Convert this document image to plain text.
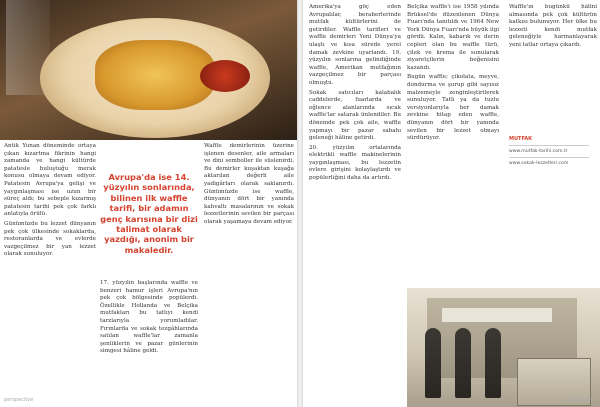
Antik Yunan döneminde ortaya çıkan kızartma fikrinin hangi zamanda ve hangi kültürde patatesle buluştuğu merak konusu olmaya devam ediyor. Patatesin Avrupa'ya gelişi ve yaygınlaşması ise uzun bir süreç aldı; bu sebeple kızarmış patatesin tarihi pek çok farklı anlatıyla örülü.

Günümüzde bu lezzet dünyanın pek çok ülkesinde sokaklarda, restoranlarda ve evlerde vazgeçilmez bir yan lezzet olarak sunuluyor.

Avrupa'da ise 14. yüzyılın sonlarında, bilinen ilk waffle tarifi, bir adamın genç karısına bir dizi talimat olarak yazdığı, anonim bir makaledir.

17. yüzyılın başlarında waffle ve benzeri hamur işleri Avrupa'nın pek çok bölgesinde popülerdi. Özellikle Hollanda ve Belçika mutfakları bu tatlıyı kendi tarzlarıyla yorumladılar. Fırınlarda ve sokak tezgâhlarında satılan waffle'lar zamanla şenliklerin ve pazar günlerinin simgesi hâline geldi.

Waffle demirlerinin üzerine işlenen desenler, aile armaları ve dini semboller ile süslenirdi. Bu demirler kuşaktan kuşağa aktarılan değerli aile yadigârları olarak saklanırdı. Günümüzde ise waffle, dünyanın dört bir yanında kahvaltı masalarının ve sokak lezzetlerinin sevilen bir parçası olarak yaşamaya devam ediyor.

perspective

Amerika'ya göç eden Avrupalılar, beraberlerinde mutfak kültürlerini de getirdiler. Waffle tarifleri ve waffle demirleri Yeni Dünya'ya ulaştı ve kısa sürede yerel damak zevkine uyarlandı. 19. yüzyılın sonlarına gelindiğinde waffle, Amerikan mutfağının vazgeçilmez bir parçası olmuştu.

Sokak satıcıları kalabalık caddelerde, fuarlarda ve eğlence alanlarında sıcak waffle'lar satarak ünlendiler. Bu dönemde pek çok aile, waffle yapmayı bir pazar sabahı geleneği hâline getirdi.

20. yüzyılın ortalarında elektrikli waffle makinelerinin yaygınlaşması, bu lezzetin evlere girişini kolaylaştırdı ve popülerliğini daha da artırdı.

Belçika waffle'ı ise 1958 yılında Brüksel'de düzenlenen Dünya Fuarı'nda tanıtıldı ve 1964 New York Dünya Fuarı'nda büyük ilgi gördü. Kalın, kabarık ve derin cepleri olan bu waffle türü, çilek ve krema ile sunularak ziyaretçilerin beğenisini kazandı.

Bugün waffle; çikolata, meyve, dondurma ve şurup gibi sayısız malzemeyle zenginleştirilerek sunuluyor. Tatlı ya da tuzlu versiyonlarıyla her damak zevkine hitap eden waffle, dünyanın dört bir yanında sevilen bir lezzet olmayı sürdürüyor.

Waffle'ın bugünkü hâlini almasında pek çok kültürün katkısı bulunuyor. Her ülke bu lezzeti kendi mutfak geleneğiyle harmanlayarak yeni tatlar ortaya çıkardı.

MUTFAK
www.mutfak-tarihi.com.tr
www.sokak-lezzetleri.com
perspective
